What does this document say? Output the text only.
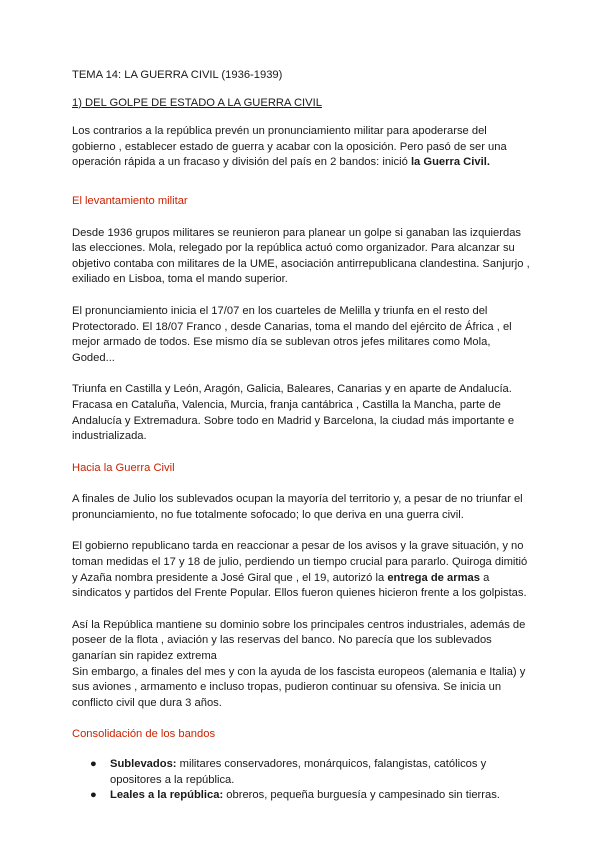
TEMA 14: LA GUERRA CIVIL (1936-1939)

1) DEL GOLPE DE ESTADO A LA GUERRA CIVIL

Los contrarios a la república prevén un pronunciamiento militar para apoderarse del gobierno , establecer estado de guerra y acabar con la oposición. Pero pasó de ser una operación rápida a un fracaso y división del país en 2 bandos: inició la Guerra Civil.

El levantamiento militar

Desde 1936 grupos militares se reunieron para planear un golpe si ganaban las izquierdas las elecciones. Mola, relegado por la república actuó como organizador. Para alcanzar su objetivo contaba con militares de la UME, asociación antirrepublicana clandestina. Sanjurjo , exiliado en Lisboa, toma el mando superior.

El pronunciamiento inicia el 17/07 en los cuarteles de Melilla y triunfa en el resto del Protectorado. El 18/07 Franco , desde Canarias, toma el mando del ejército de África , el mejor armado de todos. Ese mismo día se sublevan otros jefes militares como Mola, Goded...

Triunfa en Castilla y León, Aragón, Galicia, Baleares, Canarias y en aparte de Andalucía. Fracasa en Cataluña, Valencia, Murcia, franja cantábrica , Castilla la Mancha, parte de Andalucía y Extremadura. Sobre todo en Madrid y Barcelona, la ciudad más importante e industrializada.

Hacia la Guerra Civil

A finales de Julio los sublevados ocupan la mayoría del territorio y, a pesar de no triunfar el pronunciamiento, no fue totalmente sofocado; lo que deriva en una guerra civil.

El gobierno republicano tarda en reaccionar a pesar de los avisos y la grave situación, y no toman medidas el 17 y 18 de julio, perdiendo un tiempo crucial para pararlo. Quiroga dimitió y Azaña nombra presidente a José Giral que , el 19, autorizó la entrega de armas a sindicatos y partidos del Frente Popular. Ellos fueron quienes hicieron frente a los golpistas.

Así la República mantiene su dominio sobre los principales centros industriales, además de poseer de la flota , aviación y las reservas del banco. No parecía que los sublevados ganarían sin rapidez extrema

Sin embargo, a finales del mes y con la ayuda de los fascista europeos (alemania e Italia) y sus aviones , armamento e incluso tropas, pudieron continuar su ofensiva. Se inicia un conflicto civil que dura 3 años.

Consolidación de los bandos

● Sublevados: militares conservadores, monárquicos, falangistas, católicos y opositores a la república.
● Leales a la república: obreros, pequeña burguesía y campesinado sin tierras.
